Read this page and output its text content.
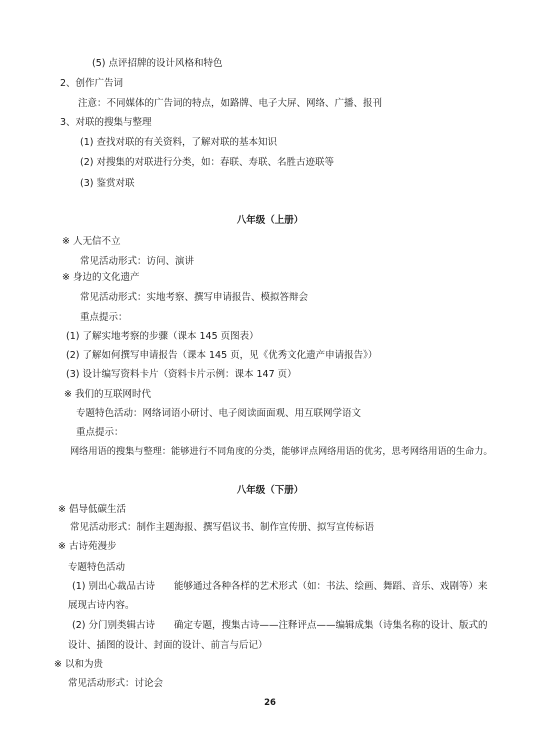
(5) 点评招牌的设计风格和特色
2、创作广告词
注意：不同媒体的广告词的特点，如路牌、电子大屏、网络、广播、报刊
3、对联的搜集与整理
(1) 查找对联的有关资料，了解对联的基本知识
(2) 对搜集的对联进行分类，如：春联、寿联、名胜古迹联等
(3) 鉴赏对联
八年级（上册）
※ 人无信不立
常见活动形式：访问、演讲
※ 身边的文化遗产
常见活动形式：实地考察、撰写申请报告、模拟答辩会
重点提示：
(1) 了解实地考察的步骤（课本 145 页图表）
(2) 了解如何撰写申请报告（课本 145 页，见《优秀文化遗产申请报告》）
(3) 设计编写资料卡片（资料卡片示例：课本 147 页）
※ 我们的互联网时代
专题特色活动：网络词语小研讨、电子阅读面面观、用互联网学语文
重点提示：
网络用语的搜集与整理：能够进行不同角度的分类，能够评点网络用语的优劣，思考网络用语的生命力。
八年级（下册）
※ 倡导低碳生活
常见活动形式：制作主题海报、撰写倡议书、制作宣传册、拟写宣传标语
※ 古诗苑漫步
专题特色活动
(1) 别出心裁品古诗　　能够通过各种各样的艺术形式（如：书法、绘画、舞蹈、音乐、戏剧等）来
展现古诗内容。
(2) 分门别类辑古诗　　确定专题，搜集古诗——注释评点——编辑成集（诗集名称的设计、版式的
设计、插图的设计、封面的设计、前言与后记）
※ 以和为贵
常见活动形式：讨论会
26
